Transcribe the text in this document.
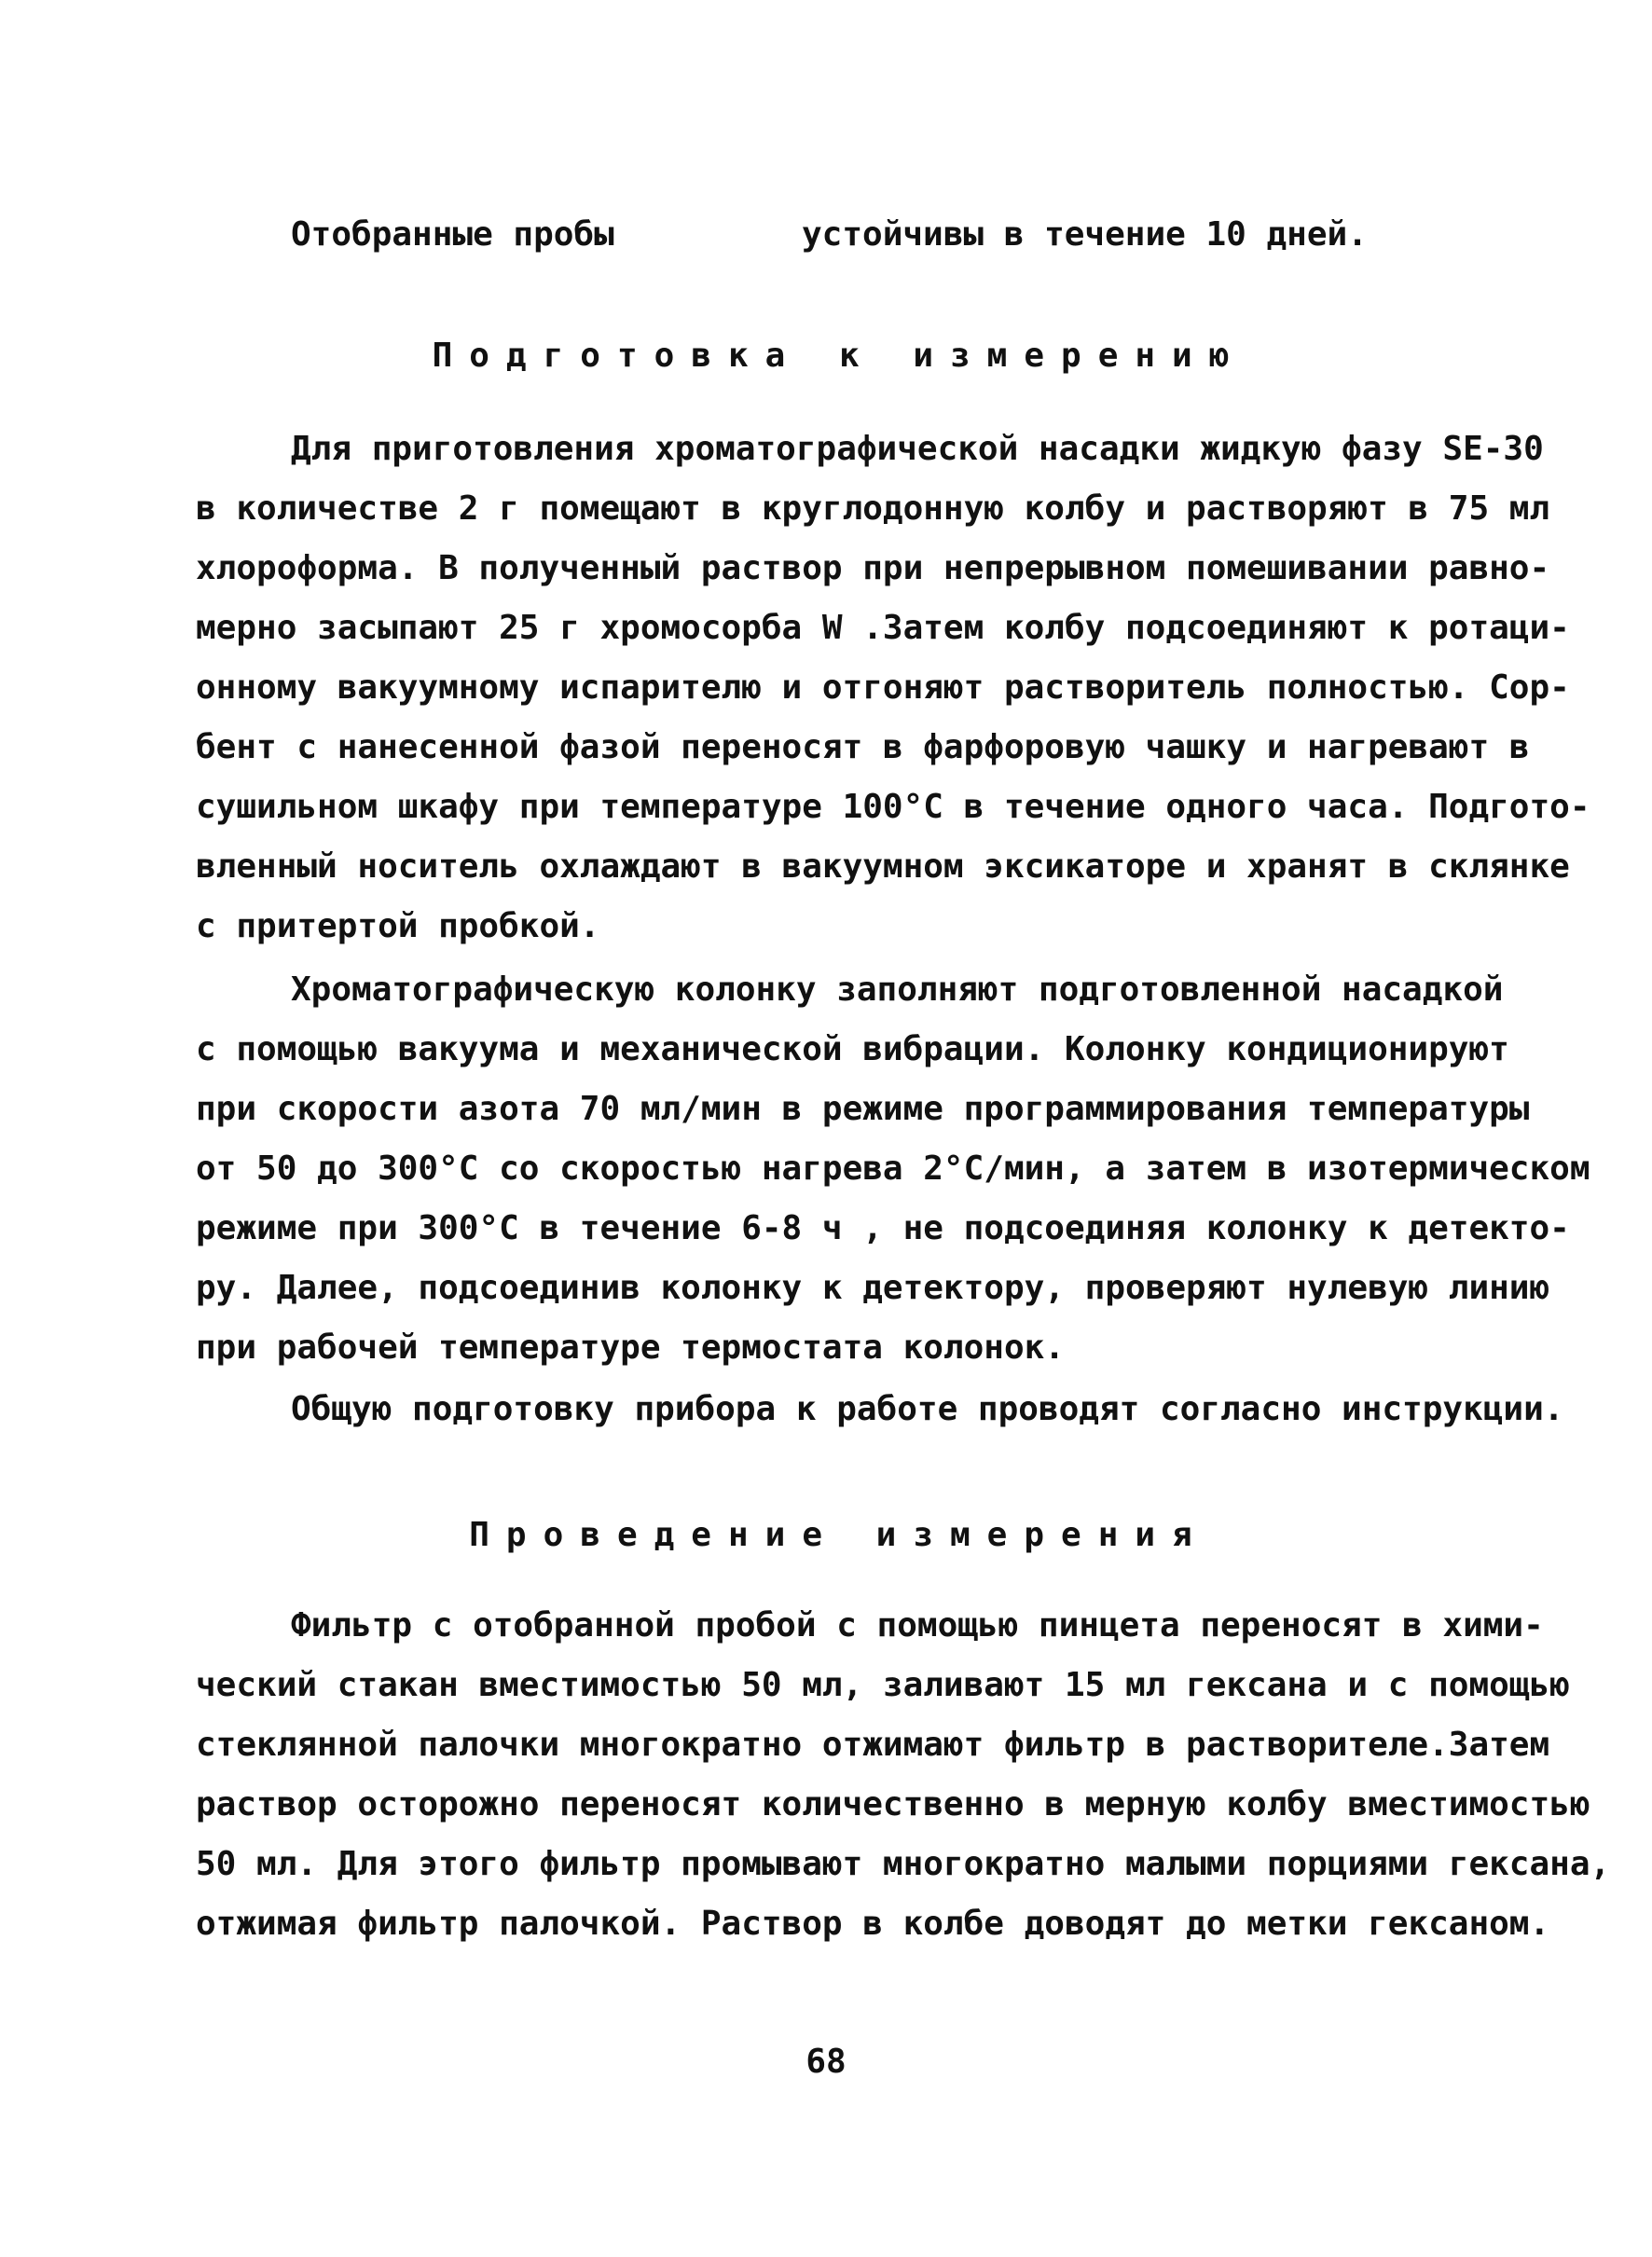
Отобранные пробы	устойчивы в течение 10 дней.
Подготовка к измерению
Для приготовления хроматографической насадки жидкую фазу SE-30
в количестве 2 г помещают в круглодонную колбу и растворяют в 75 мл
хлороформа. В полученный раствор при непрерывном помешивании равно-
мерно засыпают 25 г хромосорба W .Затем колбу подсоединяют к ротаци-
онному вакуумному испарителю и отгоняют растворитель полностью. Сор-
бент с нанесенной фазой переносят в фарфоровую чашку и нагревают в
сушильном шкафу при температуре 100°С в течение одного часа. Подгото-
вленный носитель охлаждают в вакуумном эксикаторе и хранят в склянке
с притертой пробкой.
Хроматографическую колонку заполняют подготовленной насадкой
с помощью вакуума и механической вибрации. Колонку кондиционируют
при скорости азота 70 мл/мин в режиме программирования температуры
от 50 до 300°С со скоростью нагрева 2°С/мин, а затем в изотермическом
режиме при 300°С в течение 6-8 ч , не подсоединяя колонку к детекто-
ру. Далее, подсоединив колонку к детектору, проверяют нулевую линию
при рабочей температуре термостата колонок.
Общую подготовку прибора к работе проводят согласно инструкции.
Проведение измерения
Фильтр с отобранной пробой с помощью пинцета переносят в хими-
ческий стакан вместимостью 50 мл, заливают 15 мл гексана и с помощью
стеклянной палочки многократно отжимают фильтр в растворителе.Затем
раствор осторожно переносят количественно в мерную колбу вместимостью
50 мл. Для этого фильтр промывают многократно малыми порциями гексана,
отжимая фильтр палочкой. Раствор в колбе доводят до метки гексаном.
68
